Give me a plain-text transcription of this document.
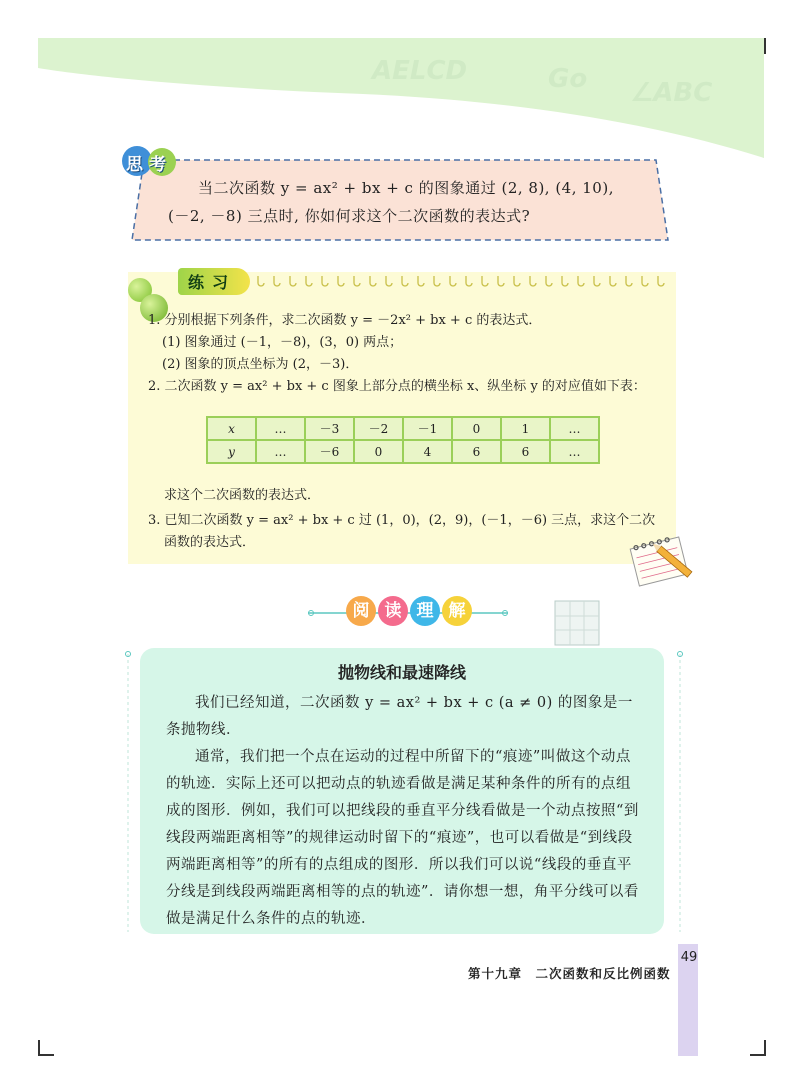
AELCD	Go ∠ABC
思考
当二次函数 y = ax² + bx + c 的图象通过 (2, 8), (4, 10),
(－2, －8) 三点时, 你如何求这个二次函数的表达式?
练习

1. 分别根据下列条件，求二次函数 y = －2x² + bx + c 的表达式．

(1) 图象通过 (－1，－8)，(3，0) 两点；

(2) 图象的顶点坐标为 (2，－3)．

2. 二次函数 y = ax² + bx + c 图象上部分点的横坐标 x、纵坐标 y 的对应值如下表：

x	…	－3	－2	－1	0	1	…
y	…	－6	0	4	6	6	…
求这个二次函数的表达式．
3. 已知二次函数 y = ax² + bx + c 过 (1，0)，(2，9)，(－1，－6) 三点，求这个二次
函数的表达式．
阅 读 理 解
抛物线和最速降线

我们已经知道，二次函数 y = ax² + bx + c (a ≠ 0) 的图象是一条抛物线．

通常，我们把一个点在运动的过程中所留下的“痕迹”叫做这个动点的轨迹．实际上还可以把动点的轨迹看做是满足某种条件的所有的点组成的图形．例如，我们可以把线段的垂直平分线看做是一个动点按照“到线段两端距离相等”的规律运动时留下的“痕迹”，也可以看做是“到线段两端距离相等”的所有的点组成的图形．所以我们可以说“线段的垂直平分线是到线段两端距离相等的点的轨迹”．请你想一想，角平分线可以看做是满足什么条件的点的轨迹．

第十九章　二次函数和反比例函数
49
